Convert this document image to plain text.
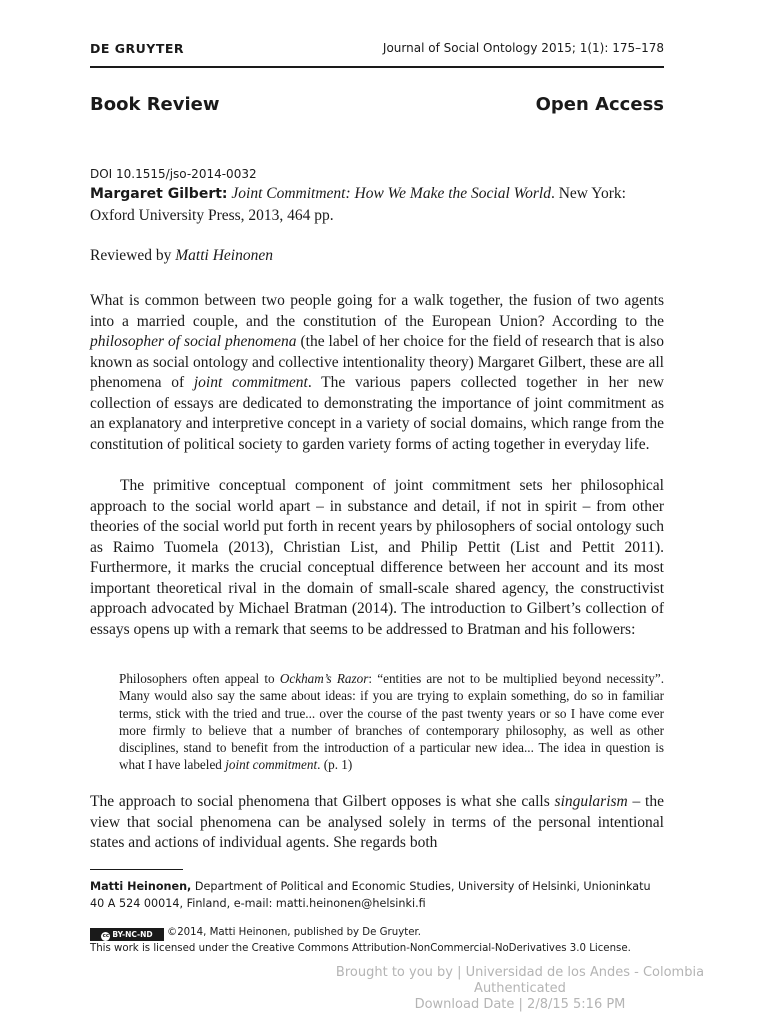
DE GRUYTER	Journal of Social Ontology 2015; 1(1): 175–178
Book Review	Open Access
DOI 10.1515/jso-2014-0032
Margaret Gilbert: Joint Commitment: How We Make the Social World. New York: Oxford University Press, 2013, 464 pp.
Reviewed by Matti Heinonen
What is common between two people going for a walk together, the fusion of two agents into a married couple, and the constitution of the European Union? According to the philosopher of social phenomena (the label of her choice for the field of research that is also known as social ontology and collective intentionality theory) Margaret Gilbert, these are all phenomena of joint commitment. The various papers collected together in her new collection of essays are dedicated to demonstrating the importance of joint commitment as an explanatory and interpretive concept in a variety of social domains, which range from the constitution of political society to garden variety forms of acting together in everyday life.
The primitive conceptual component of joint commitment sets her philosophical approach to the social world apart – in substance and detail, if not in spirit – from other theories of the social world put forth in recent years by philosophers of social ontology such as Raimo Tuomela (2013), Christian List, and Philip Pettit (List and Pettit 2011). Furthermore, it marks the crucial conceptual difference between her account and its most important theoretical rival in the domain of small-scale shared agency, the constructivist approach advocated by Michael Bratman (2014). The introduction to Gilbert’s collection of essays opens up with a remark that seems to be addressed to Bratman and his followers:
Philosophers often appeal to Ockham’s Razor: “entities are not to be multiplied beyond necessity”. Many would also say the same about ideas: if you are trying to explain something, do so in familiar terms, stick with the tried and true... over the course of the past twenty years or so I have come ever more firmly to believe that a number of branches of contemporary philosophy, as well as other disciplines, stand to benefit from the introduction of a particular new idea... The idea in question is what I have labeled joint commitment. (p. 1)
The approach to social phenomena that Gilbert opposes is what she calls singularism – the view that social phenomena can be analysed solely in terms of the personal intentional states and actions of individual agents. She regards both
Matti Heinonen, Department of Political and Economic Studies, University of Helsinki, Unioninkatu 40 A 524 00014, Finland, e-mail: matti.heinonen@helsinki.fi
cc BY-NC-ND ©2014, Matti Heinonen, published by De Gruyter.
This work is licensed under the Creative Commons Attribution-NonCommercial-NoDerivatives 3.0 License.
Brought to you by | Universidad de los Andes - Colombia
Authenticated
Download Date | 2/8/15 5:16 PM
